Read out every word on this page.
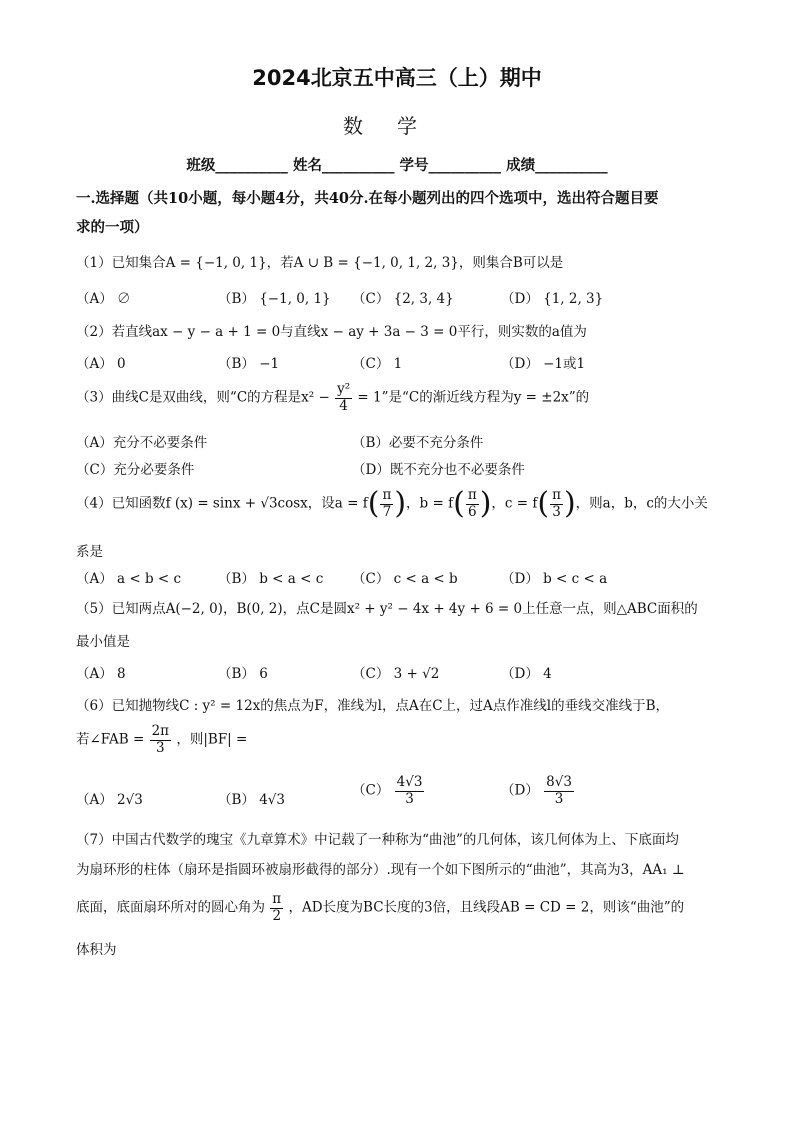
2024北京五中高三（上）期中
数学
班级__________ 姓名__________ 学号__________ 成绩__________
一.选择题（共10小题，每小题4分，共40分.在每小题列出的四个选项中，选出符合题目要
求的一项）
（1）已知集合A = {−1, 0, 1}，若A ∪ B = {−1, 0, 1, 2, 3}，则集合B可以是
（A） ∅	（B） {−1, 0, 1} （C） {2, 3, 4}	（D） {1, 2, 3}
（2）若直线ax − y − a + 1 = 0与直线x − ay + 3a − 3 = 0平行，则实数的a值为
（A） 0	（B） −1	（C） 1	（D） −1或1
（3）曲线C是双曲线，则“C的方程是$x^2 - \frac{\text{y²}}{4} = 1$”是“C的渐近线方程为y = ±2x”的
（A）充分不必要条件	（B）必要不充分条件
（C）充分必要条件	（D）既不充分也不必要条件
（4）已知函数f (x) = sinx + √3cosx，设$a = f( \frac{\pi}{7}$ )，$b = f( \frac{\pi}{6}$ )，$c = f( \frac{\pi}{3}$ )，则a，b，c的大小关
系是
（A） a < b < c	（B） b < a < c （C） c < a < b	（D） b < c < a
（5）已知两点A(−2, 0)，B(0, 2)，点C是圆x² + y² − 4x + 4y + 6 = 0上任意一点，则△ABC面积的
最小值是
（A） 8	（B） 6	（C） 3 + √2	（D） 4
（6）已知抛物线C : y² = 12x的焦点为F，准线为l，点A在C上，过A点作准线l的垂线交准线于B，
若∠FAB = $\frac{2\pi}{3}$ ，则|BF| =
（A） 2√3	（B） 4√3
$(C) \frac{4√3}{3}$	$(D) \frac{8√3}{3}$
（7）中国古代数学的瑰宝《九章算术》中记载了一种称为“曲池”的几何体，该几何体为上、下底面均
为扇环形的柱体（扇环是指圆环被扇形截得的部分）.现有一个如下图所示的“曲池”，其高为3，AA₁ ⊥
底面，底面扇环所对的圆心角为 $\frac{\pi}{2}$ ，AD长度为BC长度的3倍，且线段AB = CD = 2，则该“曲池”的
体积为
